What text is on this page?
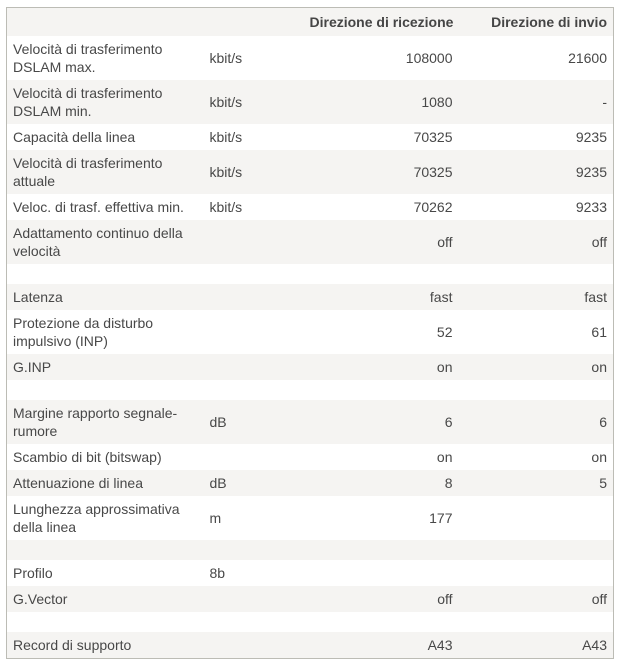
		Direzione di ricezione	Direzione di invio
Velocità di trasferimento DSLAM max.	kbit/s	108000	21600
Velocità di trasferimento DSLAM min.	kbit/s	1080	-
Capacità della linea	kbit/s	70325	9235
Velocità di trasferimento attuale	kbit/s	70325	9235
Veloc. di trasf. effettiva min.	kbit/s	70262	9233
Adattamento continuo della velocità		off	off

Latenza		fast	fast
Protezione da disturbo impulsivo (INP)		52	61
G.INP		on	on

Margine rapporto segnale-rumore	dB	6	6
Scambio di bit (bitswap)		on	on
Attenuazione di linea	dB	8	5
Lunghezza approssimativa della linea	m	177	

Profilo	8b		
G.Vector		off	off

Record di supporto		A43	A43
